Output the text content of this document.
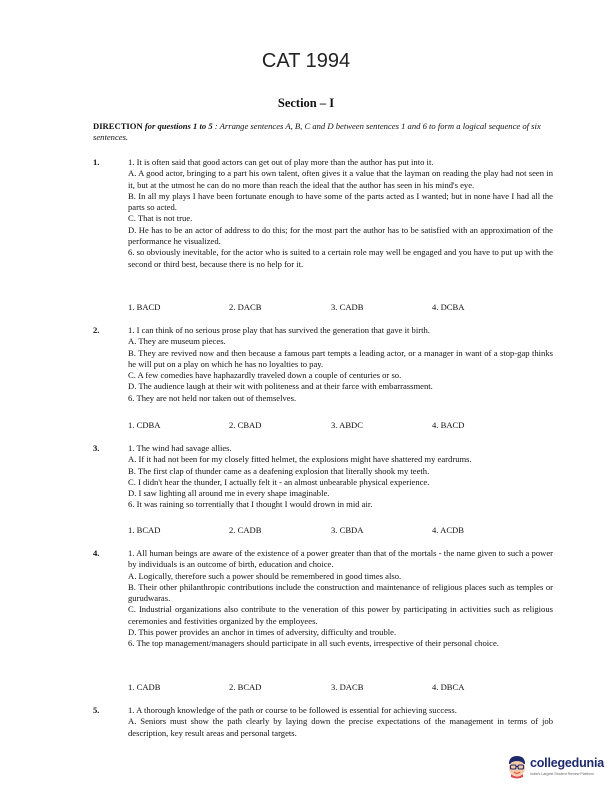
CAT 1994
Section – I
DIRECTION for questions 1 to 5 : Arrange sentences A, B, C and D between sentences 1 and 6 to form a logical sequence of six sentences.
1.	1. It is often said that good actors can get out of play more than the author has put into it.

A. A good actor, bringing to a part his own talent, often gives it a value that the layman on reading the play had not seen in it, but at the utmost he can do no more than reach the ideal that the author has seen in his mind's eye.

B. In all my plays I have been fortunate enough to have some of the parts acted as I wanted; but in none have I had all the parts so acted.

C. That is not true.

D. He has to be an actor of address to do this; for the most part the author has to be satisfied with an approximation of the performance he visualized.

6. so obviously inevitable, for the actor who is suited to a certain role may well be engaged and you have to put up with the second or third best, because there is no help for it.

1. BACD	2. DACB	3. CADB	4. DCBA
2.	1. I can think of no serious prose play that has survived the generation that gave it birth.

A. They are museum pieces.

B. They are revived now and then because a famous part tempts a leading actor, or a manager in want of a stop-gap thinks he will put on a play on which he has no loyalties to pay.

C. A few comedies have haphazardly traveled down a couple of centuries or so.

D. The audience laugh at their wit with politeness and at their farce with embarrassment.

6. They are not held nor taken out of themselves.

1. CDBA	2. CBAD	3. ABDC	4. BACD
3.	1. The wind had savage allies.

A. If it had not been for my closely fitted helmet, the explosions might have shattered my eardrums.

B. The first clap of thunder came as a deafening explosion that literally shook my teeth.

C. I didn't hear the thunder, I actually felt it - an almost unbearable physical experience.

D. I saw lighting all around me in every shape imaginable.

6. It was raining so torrentially that I thought I would drown in mid air.

1. BCAD	2. CADB	3. CBDA	4. ACDB
4.	1. All human beings are aware of the existence of a power greater than that of the mortals - the name given to such a power by individuals is an outcome of birth, education and choice.

A. Logically, therefore such a power should be remembered in good times also.

B. Their other philanthropic contributions include the construction and maintenance of religious places such as temples or gurudwaras.

C. Industrial organizations also contribute to the veneration of this power by participating in activities such as religious ceremonies and festivities organized by the employees.

D. This power provides an anchor in times of adversity, difficulty and trouble.

6. The top management/managers should participate in all such events, irrespective of their personal choice.

1. CADB	2. BCAD	3. DACB	4. DBCA
5.	1. A thorough knowledge of the path or course to be followed is essential for achieving success.

A. Seniors must show the path clearly by laying down the precise expectations of the management in terms of job description, key result areas and personal targets.

collegedunia
India's Largest Student Review Platform
